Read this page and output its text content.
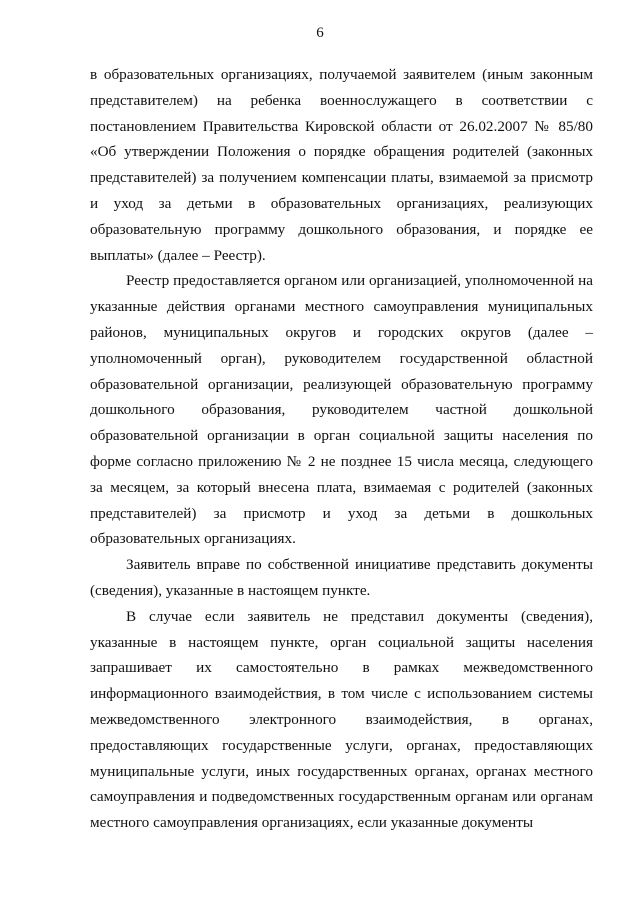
6

в образовательных организациях, получаемой заявителем (иным законным представителем) на ребенка военнослужащего в соответствии с постановлением Правительства Кировской области от 26.02.2007 № 85/80 «Об утверждении Положения о порядке обращения родителей (законных представителей) за получением компенсации платы, взимаемой за присмотр и уход за детьми в образовательных организациях, реализующих образовательную программу дошкольного образования, и порядке ее выплаты» (далее – Реестр).

Реестр предоставляется органом или организацией, уполномоченной на указанные действия органами местного самоуправления муниципальных районов, муниципальных округов и городских округов (далее – уполномоченный орган), руководителем государственной областной образовательной организации, реализующей образовательную программу дошкольного образования, руководителем частной дошкольной образовательной организации в орган социальной защиты населения по форме согласно приложению № 2 не позднее 15 числа месяца, следующего за месяцем, за который внесена плата, взимаемая с родителей (законных представителей) за присмотр и уход за детьми в дошкольных образовательных организациях.

Заявитель вправе по собственной инициативе представить документы (сведения), указанные в настоящем пункте.

В случае если заявитель не представил документы (сведения), указанные в настоящем пункте, орган социальной защиты населения запрашивает их самостоятельно в рамках межведомственного информационного взаимодействия, в том числе с использованием системы межведомственного электронного взаимодействия, в органах, предоставляющих государственные услуги, органах, предоставляющих муниципальные услуги, иных государственных органах, органах местного самоуправления и подведомственных государственным органам или органам местного самоуправления организациях, если указанные документы
